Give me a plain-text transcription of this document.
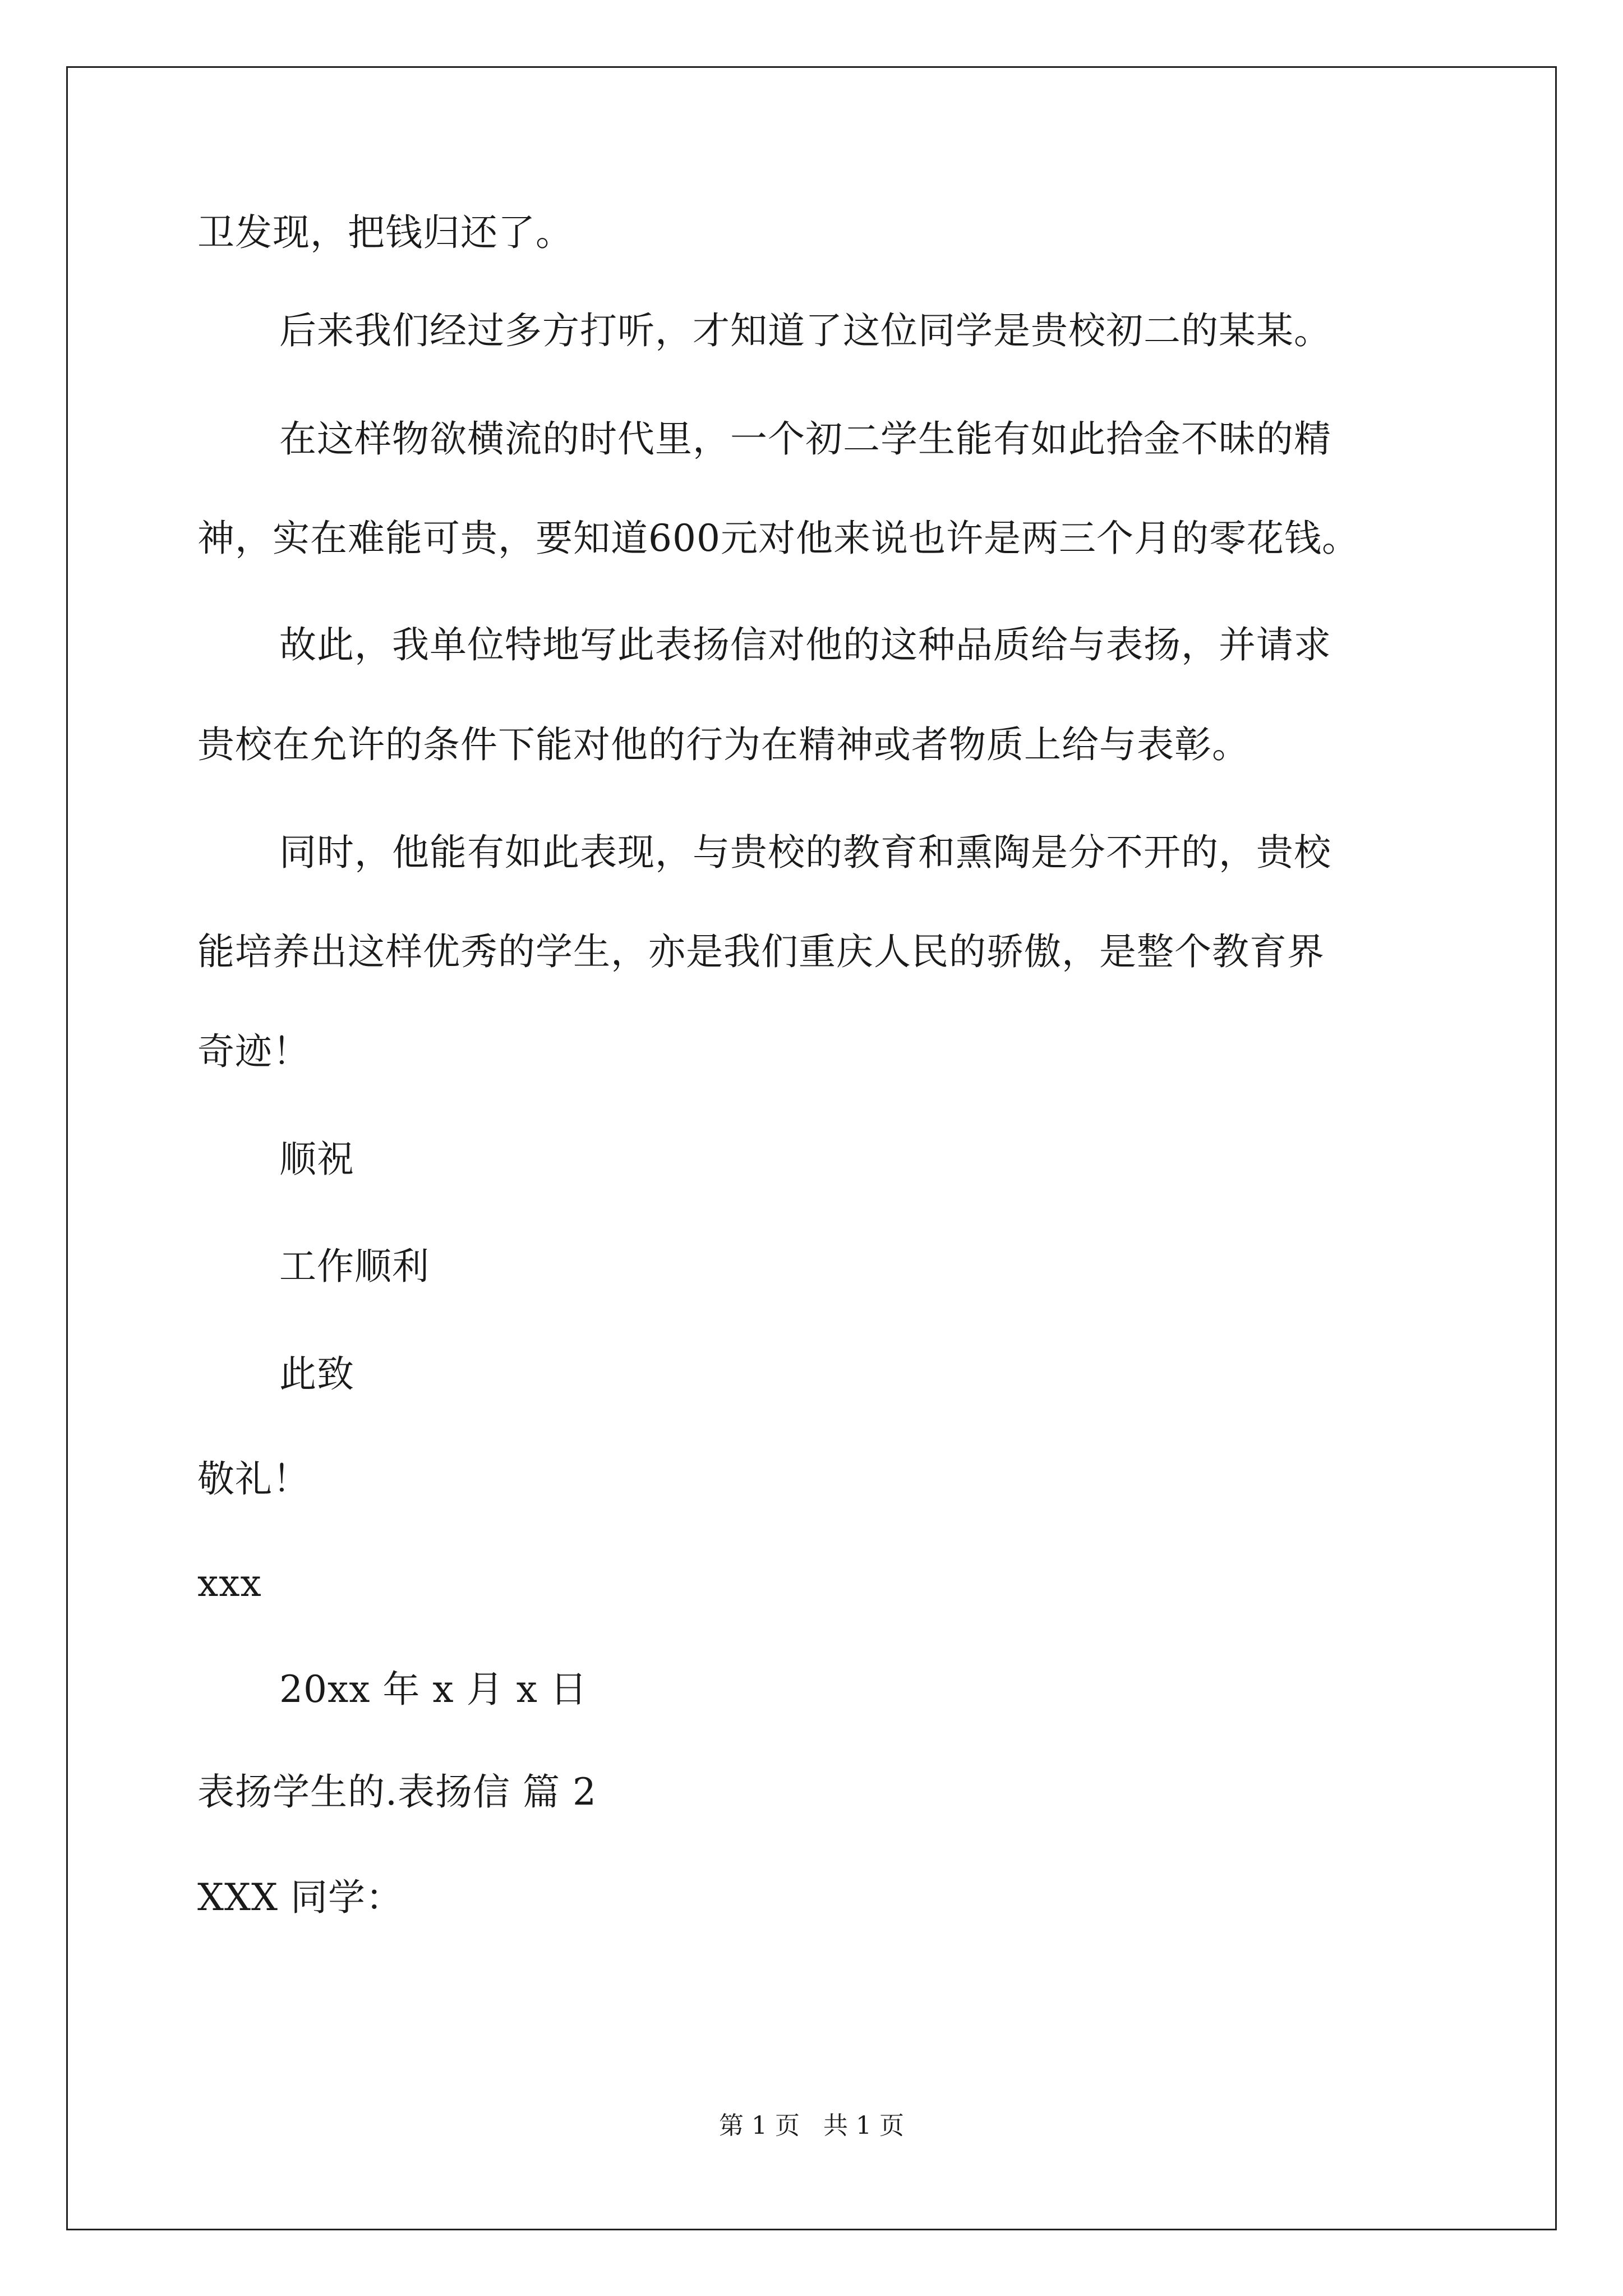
卫发现，把钱归还了。
后来我们经过多方打听，才知道了这位同学是贵校初二的某某。
在这样物欲横流的时代里，一个初二学生能有如此拾金不昧的精
神，实在难能可贵，要知道600元对他来说也许是两三个月的零花钱。
故此，我单位特地写此表扬信对他的这种品质给与表扬，并请求
贵校在允许的条件下能对他的行为在精神或者物质上给与表彰。
同时，他能有如此表现，与贵校的教育和熏陶是分不开的，贵校
能培养出这样优秀的学生，亦是我们重庆人民的骄傲，是整个教育界
奇迹！
顺祝
工作顺利
此致
敬礼！
xxx
20xx 年 x 月 x 日
表扬学生的.表扬信 篇 2
XXX 同学：
第 1 页 共 1 页
